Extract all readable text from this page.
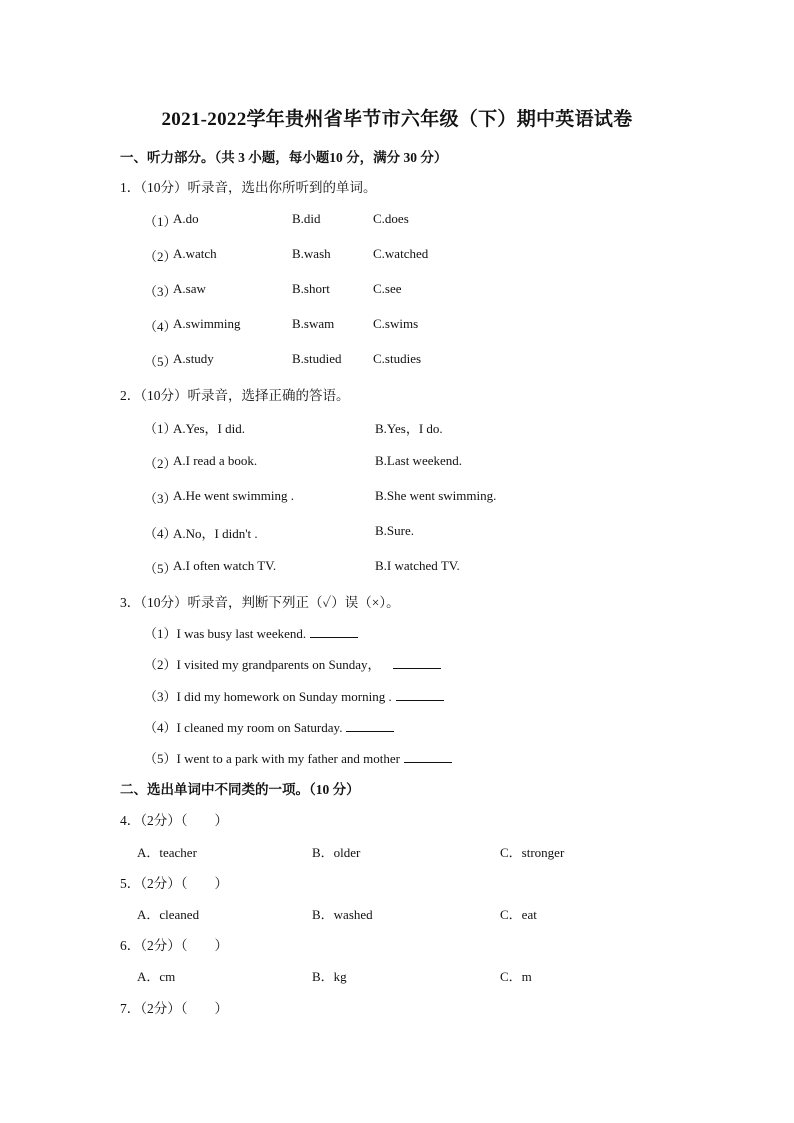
2021-2022学年贵州省毕节市六年级（下）期中英语试卷
一、听力部分。（共 3 小题，每小题10 分，满分 30 分）
1．（10分）听录音，选出你所听到的单词。
（1）
A.do	B.did	C.does
（2）
A.watch	B.wash	C.watched
（3）
A.saw	B.short	C.see
（4）
A.swimming	B.swam	C.swims
（5）
A.study	B.studied C.studies
2．（10分）听录音，选择正确的答语。
（1）
A.Yes，I did.	B.Yes，I do.
（2）
A.I read a book.	B.Last weekend.
（3）
A.He went swimming .	B.She went swimming.
（4）
A.No，I didn't .	B.Sure.
（5）
A.I often watch TV.	B.I watched TV.
3．（10分）听录音，判断下列正（✓）误（×）。
（1）I was busy last weekend.
（2）I visited my grandparents on Sunday，
（3）I did my homework on Sunday morning .
（4）I cleaned my room on Saturday.
（5）I went to a park with my father and mother
二、选出单词中不同类的一项。（10 分）
4．（2分）（　　）
A．teacher	B．older	C．stronger
5．（2分）（　　）
A．cleaned	B．washed	C．eat
6．（2分）（　　）
A．cm	B．kg	C．m
7．（2分）（　　）
